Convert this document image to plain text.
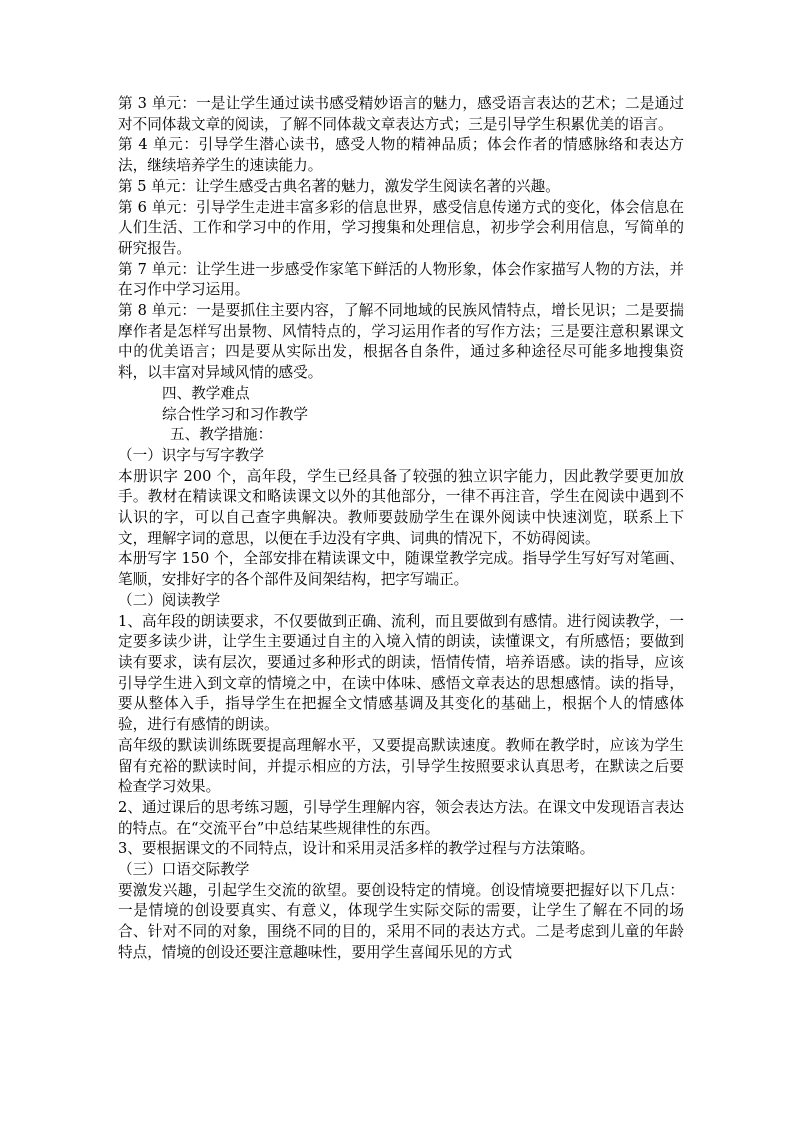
第 3 单元：一是让学生通过读书感受精妙语言的魅力，感受语言表达的艺术；二是通过对不同体裁文章的阅读，了解不同体裁文章表达方式；三是引导学生积累优美的语言。

第 4 单元：引导学生潜心读书，感受人物的精神品质；体会作者的情感脉络和表达方法，继续培养学生的速读能力。

第 5 单元：让学生感受古典名著的魅力，激发学生阅读名著的兴趣。

第 6 单元：引导学生走进丰富多彩的信息世界，感受信息传递方式的变化，体会信息在人们生活、工作和学习中的作用，学习搜集和处理信息，初步学会利用信息，写简单的研究报告。

第 7 单元：让学生进一步感受作家笔下鲜活的人物形象，体会作家描写人物的方法，并在习作中学习运用。

第 8 单元：一是要抓住主要内容，了解不同地域的民族风情特点，增长见识；二是要揣摩作者是怎样写出景物、风情特点的，学习运用作者的写作方法；三是要注意积累课文中的优美语言；四是要从实际出发，根据各自条件，通过多种途径尽可能多地搜集资料，以丰富对异域风情的感受。

四、教学难点

综合性学习和习作教学

五、教学措施：

（一）识字与写字教学

本册识字 200 个，高年段，学生已经具备了较强的独立识字能力，因此教学要更加放手。教材在精读课文和略读课文以外的其他部分，一律不再注音，学生在阅读中遇到不认识的字，可以自己查字典解决。教师要鼓励学生在课外阅读中快速浏览，联系上下文，理解字词的意思，以便在手边没有字典、词典的情况下，不妨碍阅读。

本册写字 150 个，全部安排在精读课文中，随课堂教学完成。指导学生写好写对笔画、笔顺，安排好字的各个部件及间架结构，把字写端正。

（二）阅读教学

1、高年段的朗读要求，不仅要做到正确、流利，而且要做到有感情。进行阅读教学，一定要多读少讲，让学生主要通过自主的入境入情的朗读，读懂课文，有所感悟；要做到读有要求，读有层次，要通过多种形式的朗读，悟情传情，培养语感。读的指导，应该引导学生进入到文章的情境之中，在读中体味、感悟文章表达的思想感情。读的指导，要从整体入手，指导学生在把握全文情感基调及其变化的基础上，根据个人的情感体验，进行有感情的朗读。

高年级的默读训练既要提高理解水平，又要提高默读速度。教师在教学时，应该为学生留有充裕的默读时间，并提示相应的方法，引导学生按照要求认真思考，在默读之后要检查学习效果。

2、通过课后的思考练习题，引导学生理解内容，领会表达方法。在课文中发现语言表达的特点。在“交流平台”中总结某些规律性的东西。

3、要根据课文的不同特点，设计和采用灵活多样的教学过程与方法策略。

（三）口语交际教学

要激发兴趣，引起学生交流的欲望。要创设特定的情境。创设情境要把握好以下几点：一是情境的创设要真实、有意义，体现学生实际交际的需要，让学生了解在不同的场合、针对不同的对象，围绕不同的目的，采用不同的表达方式。二是考虑到儿童的年龄特点，情境的创设还要注意趣味性，要用学生喜闻乐见的方式
